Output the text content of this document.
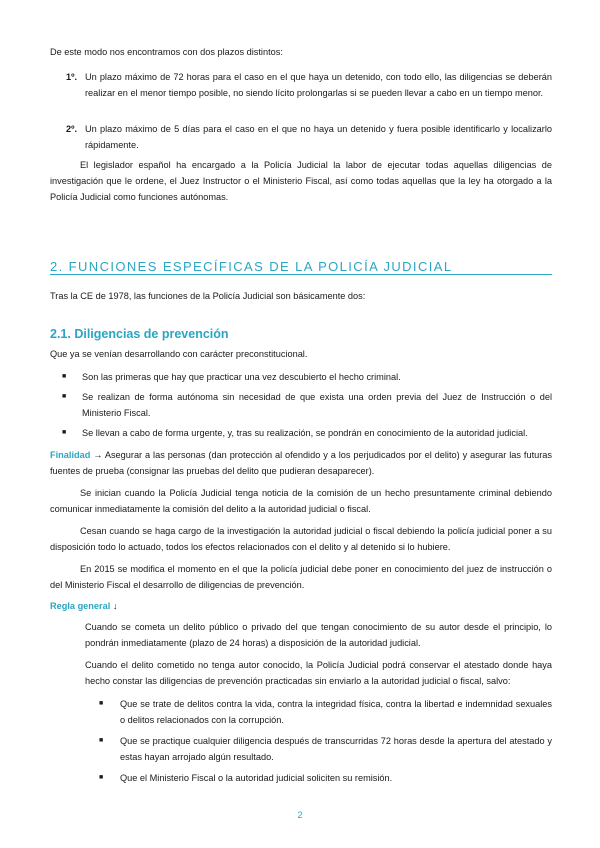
De este modo nos encontramos con dos plazos distintos:

1º. Un plazo máximo de 72 horas para el caso en el que haya un detenido, con todo ello, las diligencias se deberán realizar en el menor tiempo posible, no siendo lícito prolongarlas si se pueden llevar a cabo en un tiempo menor.

2º. Un plazo máximo de 5 días para el caso en el que no haya un detenido y fuera posible identificarlo y localizarlo rápidamente.

El legislador español ha encargado a la Policía Judicial la labor de ejecutar todas aquellas diligencias de investigación que le ordene, el Juez Instructor o el Ministerio Fiscal, así como todas aquellas que la ley ha otorgado a la Policía Judicial como funciones autónomas.

2. FUNCIONES ESPECÍFICAS DE LA POLICÍA JUDICIAL

Tras la CE de 1978, las funciones de la Policía Judicial son básicamente dos:

2.1. Diligencias de prevención

Que ya se venían desarrollando con carácter preconstitucional.

■	Son las primeras que hay que practicar una vez descubierto el hecho criminal.

■	Se realizan de forma autónoma sin necesidad de que exista una orden previa del Juez de Instrucción o del Ministerio Fiscal.

■	Se llevan a cabo de forma urgente, y, tras su realización, se pondrán en conocimiento de la autoridad judicial.

Finalidad → Asegurar a las personas (dan protección al ofendido y a los perjudicados por el delito) y asegurar las futuras fuentes de prueba (consignar las pruebas del delito que pudieran desaparecer).

Se inician cuando la Policía Judicial tenga noticia de la comisión de un hecho presuntamente criminal debiendo comunicar inmediatamente la comisión del delito a la autoridad judicial o fiscal.

Cesan cuando se haga cargo de la investigación la autoridad judicial o fiscal debiendo la policía judicial poner a su disposición todo lo actuado, todos los efectos relacionados con el delito y al detenido si lo hubiere.

En 2015 se modifica el momento en el que la policía judicial debe poner en conocimiento del juez de instrucción o del Ministerio Fiscal el desarrollo de diligencias de prevención.

Regla general ↓

Cuando se cometa un delito público o privado del que tengan conocimiento de su autor desde el principio, lo pondrán inmediatamente (plazo de 24 horas) a disposición de la autoridad judicial.

Cuando el delito cometido no tenga autor conocido, la Policía Judicial podrá conservar el atestado donde haya hecho constar las diligencias de prevención practicadas sin enviarlo a la autoridad judicial o fiscal, salvo:

■ Que se trate de delitos contra la vida, contra la integridad física, contra la libertad e indemnidad sexuales o delitos relacionados con la corrupción.

■ Que se practique cualquier diligencia después de transcurridas 72 horas desde la apertura del atestado y estas hayan arrojado algún resultado.

■ Que el Ministerio Fiscal o la autoridad judicial soliciten su remisión.

2
